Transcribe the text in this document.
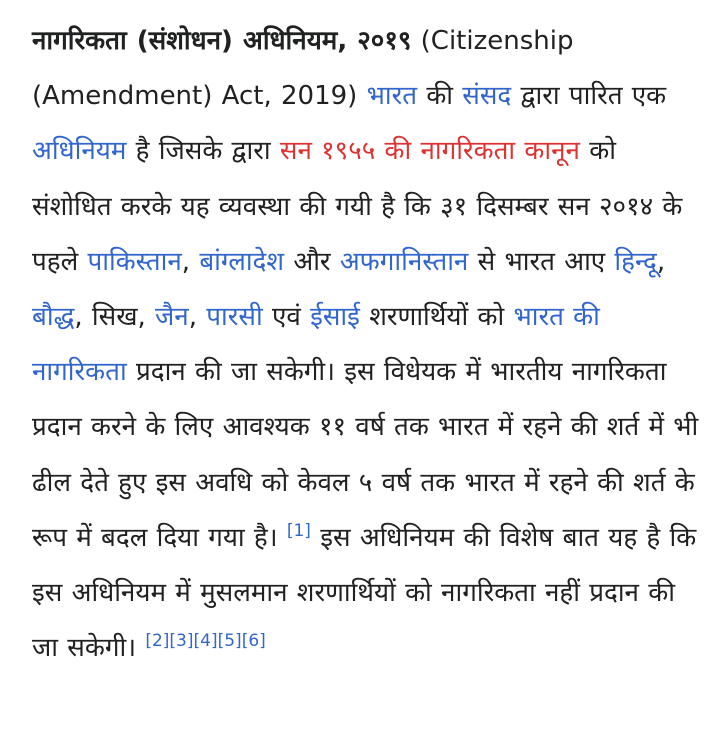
नागरिकता (संशोधन) अधिनियम, २०१९ (Citizenship (Amendment) Act, 2019) भारत की संसद द्वारा पारित एक अधिनियम है जिसके द्वारा सन १९५५ की नागरिकता कानून को संशोधित करके यह व्यवस्था की गयी है कि ३१ दिसम्बर सन २०१४ के पहले पाकिस्तान, बांग्लादेश और अफगानिस्तान से भारत आए हिन्दू, बौद्ध, सिख, जैन, पारसी एवं ईसाई शरणार्थियों को भारत की नागरिकता प्रदान की जा सकेगी। इस विधेयक में भारतीय नागरिकता प्रदान करने के लिए आवश्यक ११ वर्ष तक भारत में रहने की शर्त में भी ढील देते हुए इस अवधि को केवल ५ वर्ष तक भारत में रहने की शर्त के रूप में बदल दिया गया है। [1] इस अधिनियम की विशेष बात यह है कि इस अधिनियम में मुसलमान शरणार्थियों को नागरिकता नहीं प्रदान की जा सकेगी। [2][3][4][5][6]
